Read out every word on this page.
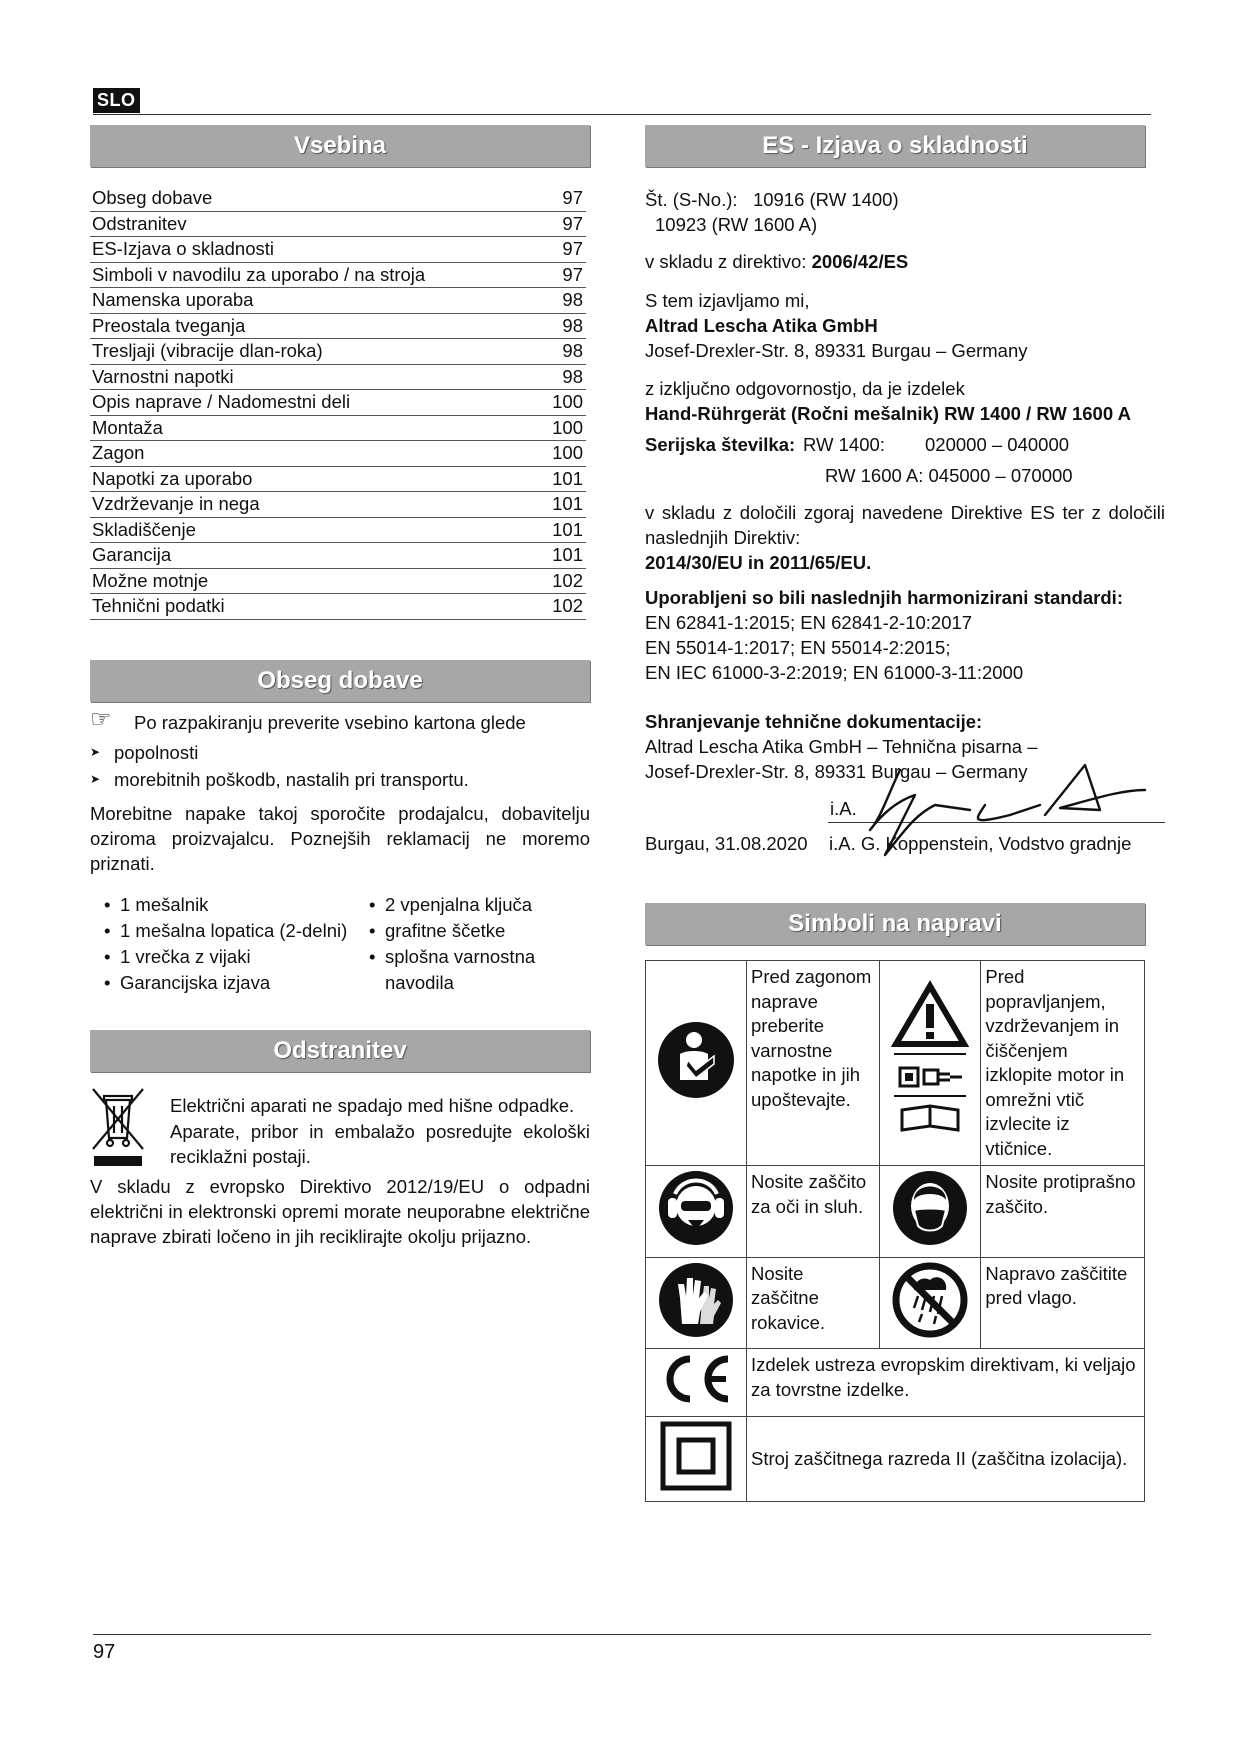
SLO
97
Vsebina
Obseg dobave	97
Odstranitev	97
ES-Izjava o skladnosti	97
Simboli v navodilu za uporabo / na stroja	97
Namenska uporaba	98
Preostala tveganja	98
Tresljaji (vibracije dlan-roka)	98
Varnostni napotki	98
Opis naprave / Nadomestni deli	100
Montaža	100
Zagon	100
Napotki za uporabo	101
Vzdrževanje in nega	101
Skladiščenje	101
Garancija	101
Možne motnje	102
Tehnični podatki	102
Obseg dobave

☞ Po razpakiranju preverite vsebino kartona glede

➤ popolnosti
➤ morebitnih poškodb, nastalih pri transportu.

Morebitne napake takoj sporočite prodajalcu, dobavitelju oziroma proizvajalcu. Poznejših reklamacij ne moremo priznati.

• 1 mešalnik
• 1 mešalna lopatica (2-delni)
• 1 vrečka z vijaki
• Garancijska izjava
• 2 vpenjalna ključa
• grafitne ščetke
• splošna varnostna navodila
Odstranitev

Električni aparati ne spadajo med hišne odpadke.

Aparate, pribor in embalažo posredujte ekološki reciklažni postaji.

V skladu z evropsko Direktivo 2012/19/EU o odpadni električni in elektronski opremi morate neuporabne električne naprave zbirati ločeno in jih reciklirajte okolju prijazno.

ES - Izjava o skladnosti

Št. (S-No.): 10916 (RW 1400)

10923 (RW 1600 A)

v skladu z direktivo: 2006/42/ES

S tem izjavljamo mi,

Altrad Lescha Atika GmbH

Josef-Drexler-Str. 8, 89331 Burgau – Germany

z izključno odgovornostjo, da je izdelek

Hand-Rührgerät (Ročni mešalnik) RW 1400 / RW 1600 A

Serijska številka: RW 1400:	020000 – 040000

RW 1600 A: 045000 – 070000

v skladu z določili zgoraj navedene Direktive ES ter z določili naslednjih Direktiv:

2014/30/EU in 2011/65/EU.

Uporabljeni so bili naslednjih harmonizirani standardi:

EN 62841-1:2015; EN 62841-2-10:2017

EN 55014-1:2017; EN 55014-2:2015;

EN IEC 61000-3-2:2019; EN 61000-3-11:2000

Shranjevanje tehnične dokumentacije:

Altrad Lescha Atika GmbH – Tehnična pisarna –

Josef-Drexler-Str. 8, 89331 Burgau – Germany

i.A.
Burgau, 31.08.2020 i.A. G. Koppenstein, Vodstvo gradnje
Simboli na napravi
	Pred zagonom naprave preberite varnostne napotke in jih upoštevajte.		Pred popravljanjem, vzdrževanjem in čiščenjem izklopite motor in omrežni vtič izvlecite iz vtičnice.
	Nosite zaščito za oči in sluh.		Nosite protiprašno zaščito.
	Nosite zaščitne rokavice.		Napravo zaščitite pred vlago.
	Izdelek ustreza evropskim direktivam, ki veljajo za tovrstne izdelke.		
	Stroj zaščitnega razreda II (zaščitna izolacija).		
